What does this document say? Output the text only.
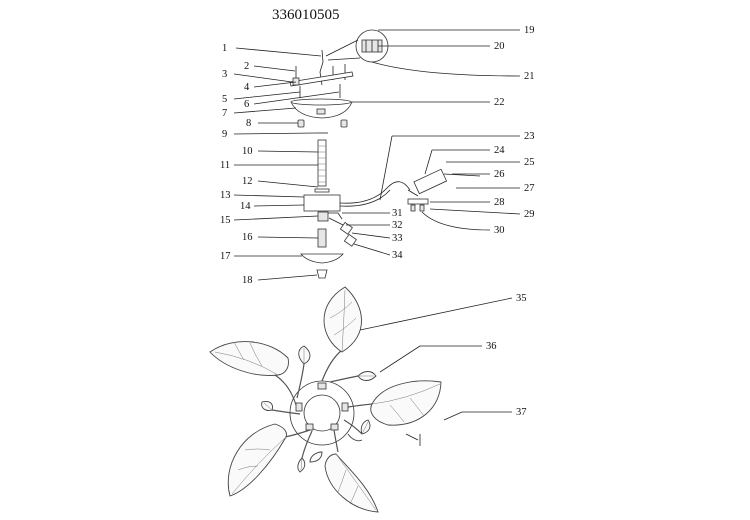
336010505
1
2
3
4
5 6
7
8
9
10
11
12
13
14
15
16
17
18
19
20
21
22
23
24
25
26
27
28
29
30
31
32
33
34
35
36
37
